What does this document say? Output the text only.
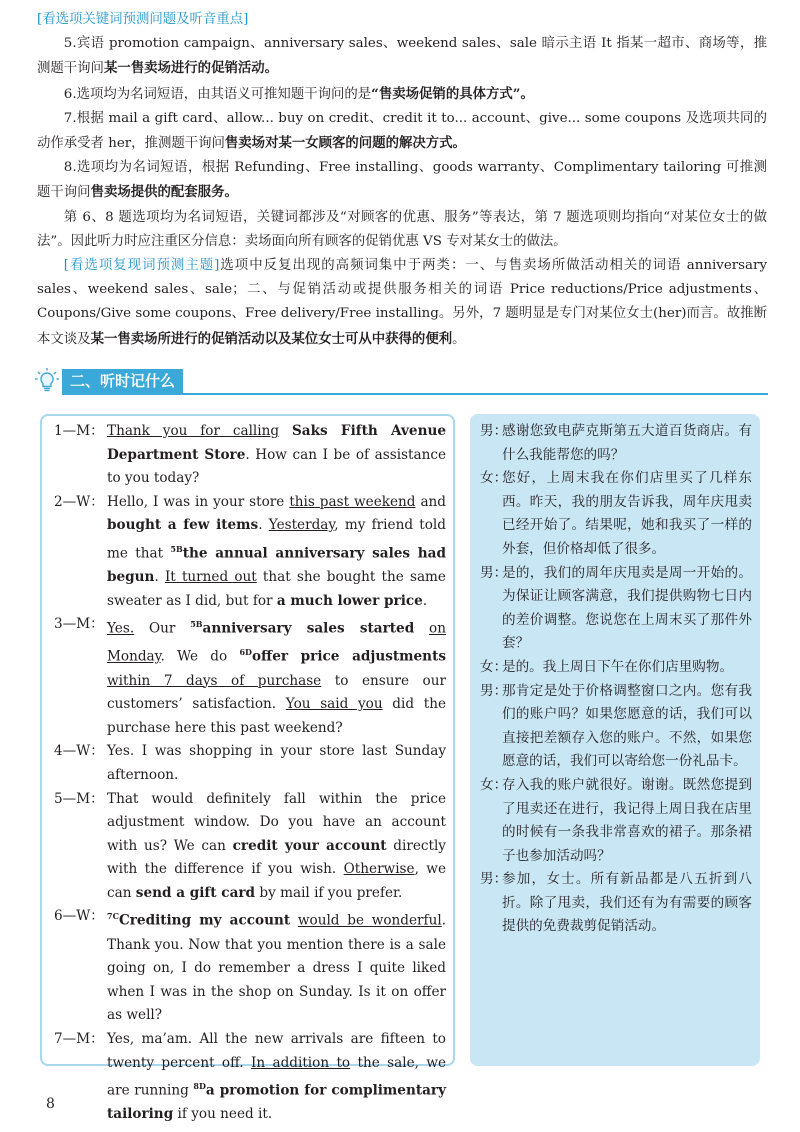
[看选项关键词预测问题及听音重点]

5.宾语 promotion campaign、anniversary sales、weekend sales、sale 暗示主语 It 指某一超市、商场等，推测题干询问某一售卖场进行的促销活动。

6.选项均为名词短语，由其语义可推知题干询问的是“售卖场促销的具体方式”。

7.根据 mail a gift card、allow... buy on credit、credit it to... account、give... some coupons 及选项共同的动作承受者 her，推测题干询问售卖场对某一女顾客的问题的解决方式。

8.选项均为名词短语，根据 Refunding、Free installing、goods warranty、Complimentary tailoring 可推测题干询问售卖场提供的配套服务。

第 6、8 题选项均为名词短语，关键词都涉及“对顾客的优惠、服务”等表达，第 7 题选项则均指向“对某位女士的做法”。因此听力时应注重区分信息：卖场面向所有顾客的促销优惠 VS 专对某女士的做法。

[看选项复现词预测主题]选项中反复出现的高频词集中于两类：一、与售卖场所做活动相关的词语 anniversary sales、weekend sales、sale；二、与促销活动或提供服务相关的词语 Price reductions/Price adjustments、Coupons/Give some coupons、Free delivery/Free installing。另外，7 题明显是专门对某位女士(her)而言。故推断本文谈及某一售卖场所进行的促销活动以及某位女士可从中获得的便利。

二、听时记什么
1—M： Thank you for calling Saks Fifth Avenue Department Store. How can I be of assistance to you today?
2—W： Hello, I was in your store this past weekend and bought a few items. Yesterday, my friend told me that $^{5B}$the annual anniversary sales had begun. It turned out that she bought the same sweater as I did, but for a much lower price.
3—M： Yes. Our $^{5B}$anniversary sales started on Monday. We do $^{6D}$offer price adjustments within 7 days of purchase to ensure our customers’ satisfaction. You said you did the purchase here this past weekend?
4—W： Yes. I was shopping in your store last Sunday afternoon.
5—M： That would definitely fall within the price adjustment window. Do you have an account with us? We can credit your account directly with the difference if you wish. Otherwise, we can send a gift card by mail if you prefer.
6—W： $^{7C}$Crediting my account would be wonderful. Thank you. Now that you mention there is a sale going on, I do remember a dress I quite liked when I was in the shop on Sunday. Is it on offer as well?
7—M： Yes, ma’am. All the new arrivals are fifteen to twenty percent off. In addition to the sale, we are running $^{8D}$a promotion for complimentary tailoring if you need it.
男：
感谢您致电萨克斯第五大道百货商店。有什么我能帮您的吗？
女：
您好，上周末我在你们店里买了几样东西。昨天，我的朋友告诉我，周年庆甩卖已经开始了。结果呢，她和我买了一样的外套，但价格却低了很多。
男：
是的，我们的周年庆甩卖是周一开始的。为保证让顾客满意，我们提供购物七日内的差价调整。您说您在上周末买了那件外套？
女：
是的。我上周日下午在你们店里购物。
男：
那肯定是处于价格调整窗口之内。您有我们的账户吗？如果您愿意的话，我们可以直接把差额存入您的账户。不然，如果您愿意的话，我们可以寄给您一份礼品卡。
女：
存入我的账户就很好。谢谢。既然您提到了甩卖还在进行，我记得上周日我在店里的时候有一条我非常喜欢的裙子。那条裙子也参加活动吗？
男：
参加，女士。所有新品都是八五折到八折。除了甩卖，我们还有为有需要的顾客提供的免费裁剪促销活动。
8
